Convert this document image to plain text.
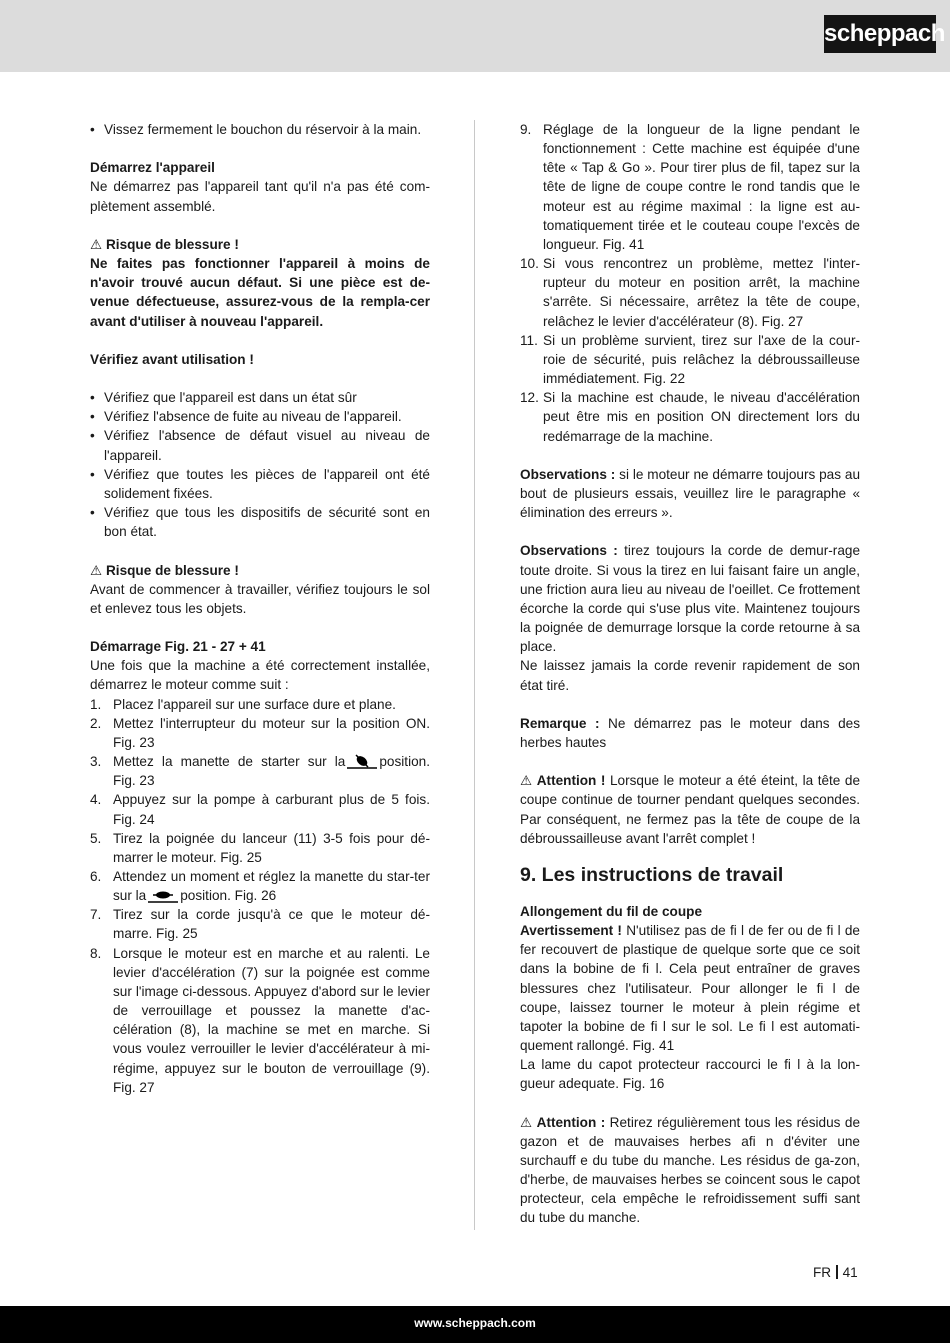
scheppach
• Vissez fermement le bouchon du réservoir à la main.

Démarrez l'appareil

Ne démarrez pas l'appareil tant qu'il n'a pas été com-plètement assemblé.

⚠ Risque de blessure !

Ne faites pas fonctionner l'appareil à moins de n'avoir trouvé aucun défaut. Si une pièce est de-venue défectueuse, assurez-vous de la rempla-cer avant d'utiliser à nouveau l'appareil.

Vérifiez avant utilisation !

• Vérifiez que l'appareil est dans un état sûr
• Vérifiez l'absence de fuite au niveau de l'appareil.
• Vérifiez l'absence de défaut visuel au niveau de l'appareil.
• Vérifiez que toutes les pièces de l'appareil ont été solidement fixées.
• Vérifiez que tous les dispositifs de sécurité sont en bon état.

⚠ Risque de blessure !

Avant de commencer à travailler, vérifiez toujours le sol et enlevez tous les objets.

Démarrage Fig. 21 - 27 + 41

Une fois que la machine a été correctement installée, démarrez le moteur comme suit :

1. Placez l'appareil sur une surface dure et plane.
2. Mettez l'interrupteur du moteur sur la position ON. Fig. 23
3. Mettez la manette de starter sur la	position. Fig. 23
4. Appuyez sur la pompe à carburant plus de 5 fois. Fig. 24
5. Tirez la poignée du lanceur (11) 3-5 fois pour dé-marrer le moteur. Fig. 25
6. Attendez un moment et réglez la manette du star-ter sur la	position. Fig. 26
7. Tirez sur la corde jusqu'à ce que le moteur dé-marre. Fig. 25
8. Lorsque le moteur est en marche et au ralenti. Le levier d'accélération (7) sur la poignée est comme sur l'image ci-dessous. Appuyez d'abord sur le levier de verrouillage et poussez la manette d'ac-célération (8), la machine se met en marche. Si vous voulez verrouiller le levier d'accélérateur à mi-régime, appuyez sur le bouton de verrouillage (9). Fig. 27
9. Réglage de la longueur de la ligne pendant le fonctionnement : Cette machine est équipée d'une tête « Tap & Go ». Pour tirer plus de fil, tapez sur la tête de ligne de coupe contre le rond tandis que le moteur est au régime maximal : la ligne est au-tomatiquement tirée et le couteau coupe l'excès de longueur. Fig. 41
10. Si vous rencontrez un problème, mettez l'inter-rupteur du moteur en position arrêt, la machine s'arrête. Si nécessaire, arrêtez la tête de coupe, relâchez le levier d'accélérateur (8). Fig. 27
11. Si un problème survient, tirez sur l'axe de la cour-roie de sécurité, puis relâchez la débroussailleuse immédiatement. Fig. 22
12. Si la machine est chaude, le niveau d'accélération peut être mis en position ON directement lors du redémarrage de la machine.

Observations : si le moteur ne démarre toujours pas au bout de plusieurs essais, veuillez lire le paragraphe « élimination des erreurs ».

Observations : tirez toujours la corde de demur-rage toute droite. Si vous la tirez en lui faisant faire un angle, une friction aura lieu au niveau de l'oeillet. Ce frottement écorche la corde qui s'use plus vite. Maintenez toujours la poignée de demurrage lorsque la corde retourne à sa place.

Ne laissez jamais la corde revenir rapidement de son état tiré.

Remarque : Ne démarrez pas le moteur dans des herbes hautes

⚠ Attention ! Lorsque le moteur a été éteint, la tête de coupe continue de tourner pendant quelques secondes. Par conséquent, ne fermez pas la tête de coupe de la débroussailleuse avant l'arrêt complet !

9. Les instructions de travail

Allongement du fil de coupe

Avertissement ! N'utilisez pas de fi l de fer ou de fi l de fer recouvert de plastique de quelque sorte que ce soit dans la bobine de fi l. Cela peut entraîner de graves blessures chez l'utilisateur. Pour allonger le fi l de coupe, laissez tourner le moteur à plein régime et tapoter la bobine de fi l sur le sol. Le fi l est automati-quement rallongé. Fig. 41

La lame du capot protecteur raccourci le fi l à la lon-gueur adequate. Fig. 16

⚠ Attention : Retirez régulièrement tous les résidus de gazon et de mauvaises herbes afi n d'éviter une surchauff e du tube du manche. Les résidus de ga-zon, d'herbe, de mauvaises herbes se coincent sous le capot protecteur, cela empêche le refroidissement suffi sant du tube du manche.

FR 41
www.scheppach.com
